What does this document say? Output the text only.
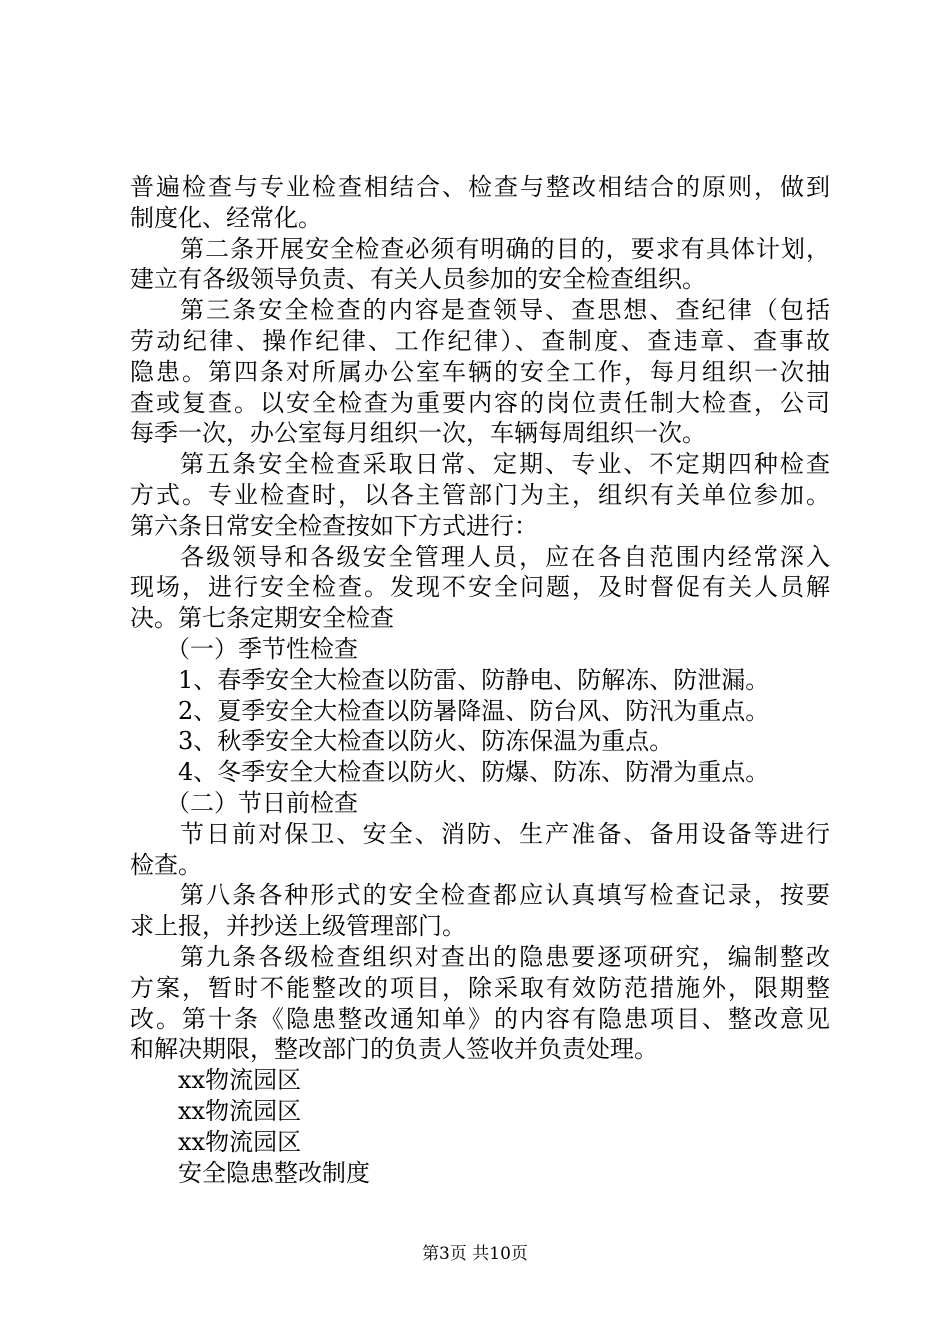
普遍检查与专业检查相结合、检查与整改相结合的原则，做到
制度化、经常化。
第二条开展安全检查必须有明确的目的，要求有具体计划，
建立有各级领导负责、有关人员参加的安全检查组织。
第三条安全检查的内容是查领导、查思想、查纪律（包括
劳动纪律、操作纪律、工作纪律）、查制度、查违章、查事故
隐患。第四条对所属办公室车辆的安全工作，每月组织一次抽
查或复查。以安全检查为重要内容的岗位责任制大检查，公司
每季一次，办公室每月组织一次，车辆每周组织一次。
第五条安全检查采取日常、定期、专业、不定期四种检查
方式。专业检查时，以各主管部门为主，组织有关单位参加。
第六条日常安全检查按如下方式进行：
各级领导和各级安全管理人员，应在各自范围内经常深入
现场，进行安全检查。发现不安全问题，及时督促有关人员解
决。第七条定期安全检查
（一）季节性检查
1、春季安全大检查以防雷、防静电、防解冻、防泄漏。
2、夏季安全大检查以防暑降温、防台风、防汛为重点。
3、秋季安全大检查以防火、防冻保温为重点。
4、冬季安全大检查以防火、防爆、防冻、防滑为重点。
（二）节日前检查
节日前对保卫、安全、消防、生产准备、备用设备等进行
检查。
第八条各种形式的安全检查都应认真填写检查记录，按要
求上报，并抄送上级管理部门。
第九条各级检查组织对查出的隐患要逐项研究，编制整改
方案，暂时不能整改的项目，除采取有效防范措施外，限期整
改。第十条《隐患整改通知单》的内容有隐患项目、整改意见
和解决期限，整改部门的负责人签收并负责处理。
xx物流园区
xx物流园区
xx物流园区
安全隐患整改制度
第3页 共10页
